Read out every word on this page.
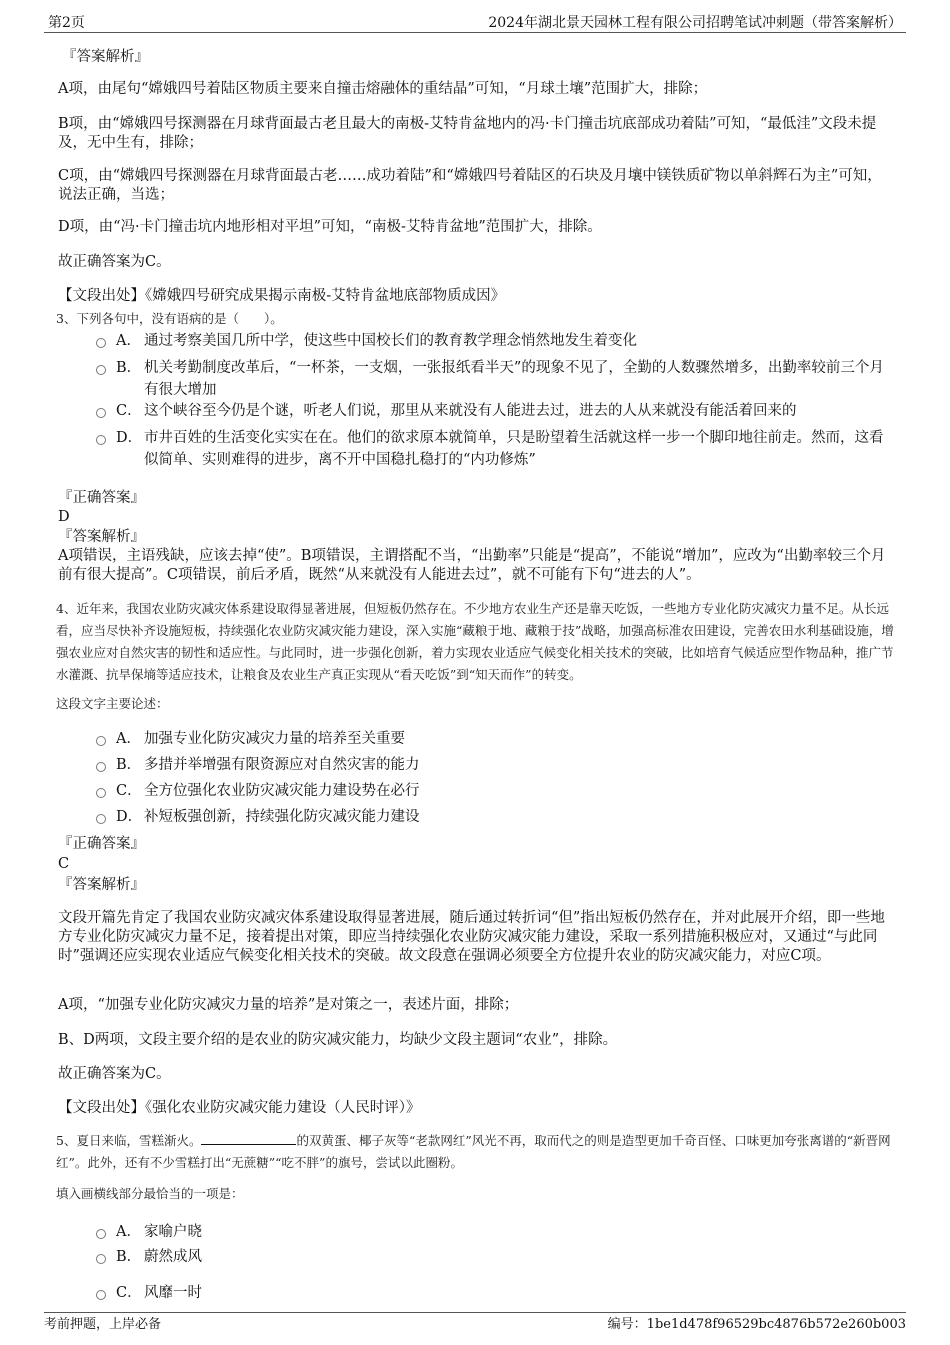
第2页	2024年湖北景天园林工程有限公司招聘笔试冲刺题（带答案解析）
『答案解析』
A项，由尾句“嫦娥四号着陆区物质主要来自撞击熔融体的重结晶”可知，“月球土壤”范围扩大，排除；
B项，由“嫦娥四号探测器在月球背面最古老且最大的南极-艾特肯盆地内的冯·卡门撞击坑底部成功着陆”可知，“最低洼”文段未提及，无中生有，排除；
C项，由“嫦娥四号探测器在月球背面最古老……成功着陆”和“嫦娥四号着陆区的石块及月壤中镁铁质矿物以单斜辉石为主”可知，说法正确，当选；
D项，由“冯·卡门撞击坑内地形相对平坦”可知，“南极-艾特肯盆地”范围扩大，排除。
故正确答案为C。
【文段出处】《嫦娥四号研究成果揭示南极-艾特肯盆地底部物质成因》
3、下列各句中，没有语病的是（　　）。
A． 通过考察美国几所中学，使这些中国校长们的教育教学理念悄然地发生着变化
B． 机关考勤制度改革后，“一杯茶，一支烟，一张报纸看半天”的现象不见了，全勤的人数骤然增多，出勤率较前三个月有很大增加
C． 这个峡谷至今仍是个谜，听老人们说，那里从来就没有人能进去过，进去的人从来就没有能活着回来的
D． 市井百姓的生活变化实实在在。他们的欲求原本就简单，只是盼望着生活就这样一步一个脚印地往前走。然而，这看似简单、实则难得的进步，离不开中国稳扎稳打的“内功修炼”
『正确答案』
D
『答案解析』
A项错误，主语残缺，应该去掉“使”。B项错误，主谓搭配不当，“出勤率”只能是“提高”，不能说“增加”，应改为“出勤率较三个月前有很大提高”。C项错误，前后矛盾，既然“从来就没有人能进去过”，就不可能有下句“进去的人”。
4、近年来，我国农业防灾减灾体系建设取得显著进展，但短板仍然存在。不少地方农业生产还是靠天吃饭，一些地方专业化防灾减灾力量不足。从长远看，应当尽快补齐设施短板，持续强化农业防灾减灾能力建设，深入实施“藏粮于地、藏粮于技”战略，加强高标准农田建设，完善农田水利基础设施，增强农业应对自然灾害的韧性和适应性。与此同时，进一步强化创新，着力实现农业适应气候变化相关技术的突破，比如培育气候适应型作物品种，推广节水灌溉、抗旱保墒等适应技术，让粮食及农业生产真正实现从“看天吃饭”到“知天而作”的转变。
这段文字主要论述：
A． 加强专业化防灾减灾力量的培养至关重要
B． 多措并举增强有限资源应对自然灾害的能力
C． 全方位强化农业防灾减灾能力建设势在必行
D． 补短板强创新，持续强化防灾减灾能力建设
『正确答案』
C
『答案解析』
文段开篇先肯定了我国农业防灾减灾体系建设取得显著进展，随后通过转折词“但”指出短板仍然存在，并对此展开介绍，即一些地方专业化防灾减灾力量不足，接着提出对策，即应当持续强化农业防灾减灾能力建设，采取一系列措施积极应对，又通过“与此同时”强调还应实现农业适应气候变化相关技术的突破。故文段意在强调必须要全方位提升农业的防灾减灾能力，对应C项。
A项，“加强专业化防灾减灾力量的培养”是对策之一，表述片面，排除；
B、D两项，文段主要介绍的是农业的防灾减灾能力，均缺少文段主题词“农业”，排除。
故正确答案为C。
【文段出处】《强化农业防灾减灾能力建设（人民时评）》
5、夏日来临，雪糕渐火。	的双黄蛋、椰子灰等“老款网红”风光不再，取而代之的则是造型更加千奇百怪、口味更加夸张离谱的“新晋网红”。此外，还有不少雪糕打出“无蔗糖”“吃不胖”的旗号，尝试以此圈粉。
填入画横线部分最恰当的一项是：
A． 家喻户晓
B． 蔚然成风
C． 风靡一时
考前押题，上岸必备	编号：1be1d478f96529bc4876b572e260b003
